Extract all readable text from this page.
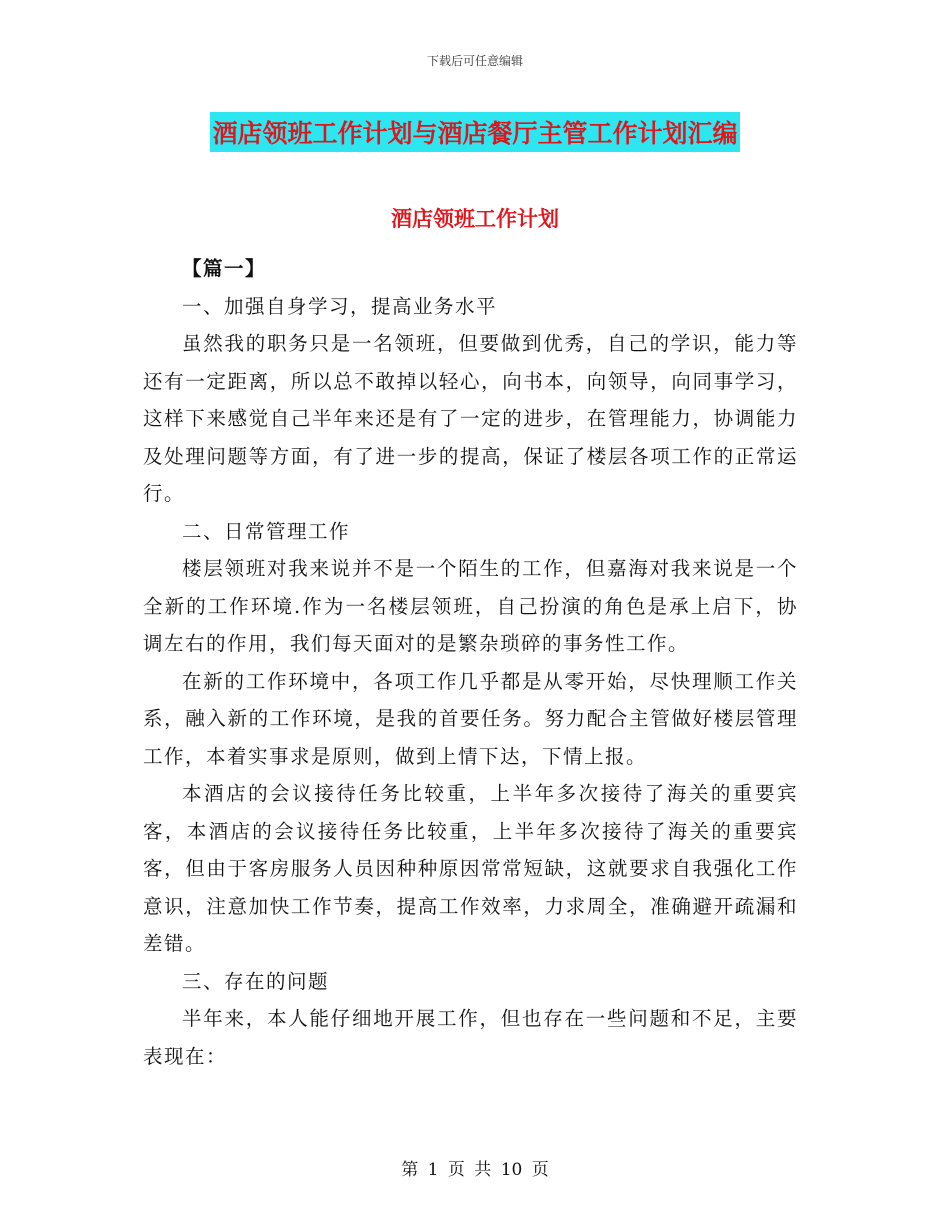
下载后可任意编辑
酒店领班工作计划与酒店餐厅主管工作计划汇编
酒店领班工作计划

【篇一】

一、加强自身学习，提高业务水平

虽然我的职务只是一名领班，但要做到优秀，自己的学识，能力等还有一定距离，所以总不敢掉以轻心，向书本，向领导，向同事学习，这样下来感觉自己半年来还是有了一定的进步，在管理能力，协调能力及处理问题等方面，有了进一步的提高，保证了楼层各项工作的正常运行。

二、日常管理工作

楼层领班对我来说并不是一个陌生的工作，但嘉海对我来说是一个全新的工作环境.作为一名楼层领班，自己扮演的角色是承上启下，协调左右的作用，我们每天面对的是繁杂琐碎的事务性工作。

在新的工作环境中，各项工作几乎都是从零开始，尽快理顺工作关系，融入新的工作环境，是我的首要任务。努力配合主管做好楼层管理工作，本着实事求是原则，做到上情下达，下情上报。

本酒店的会议接待任务比较重，上半年多次接待了海关的重要宾客，本酒店的会议接待任务比较重，上半年多次接待了海关的重要宾客，但由于客房服务人员因种种原因常常短缺，这就要求自我强化工作意识，注意加快工作节奏，提高工作效率，力求周全，准确避开疏漏和差错。

三、存在的问题

半年来，本人能仔细地开展工作，但也存在一些问题和不足，主要表现在：

第 1 页 共 10 页
